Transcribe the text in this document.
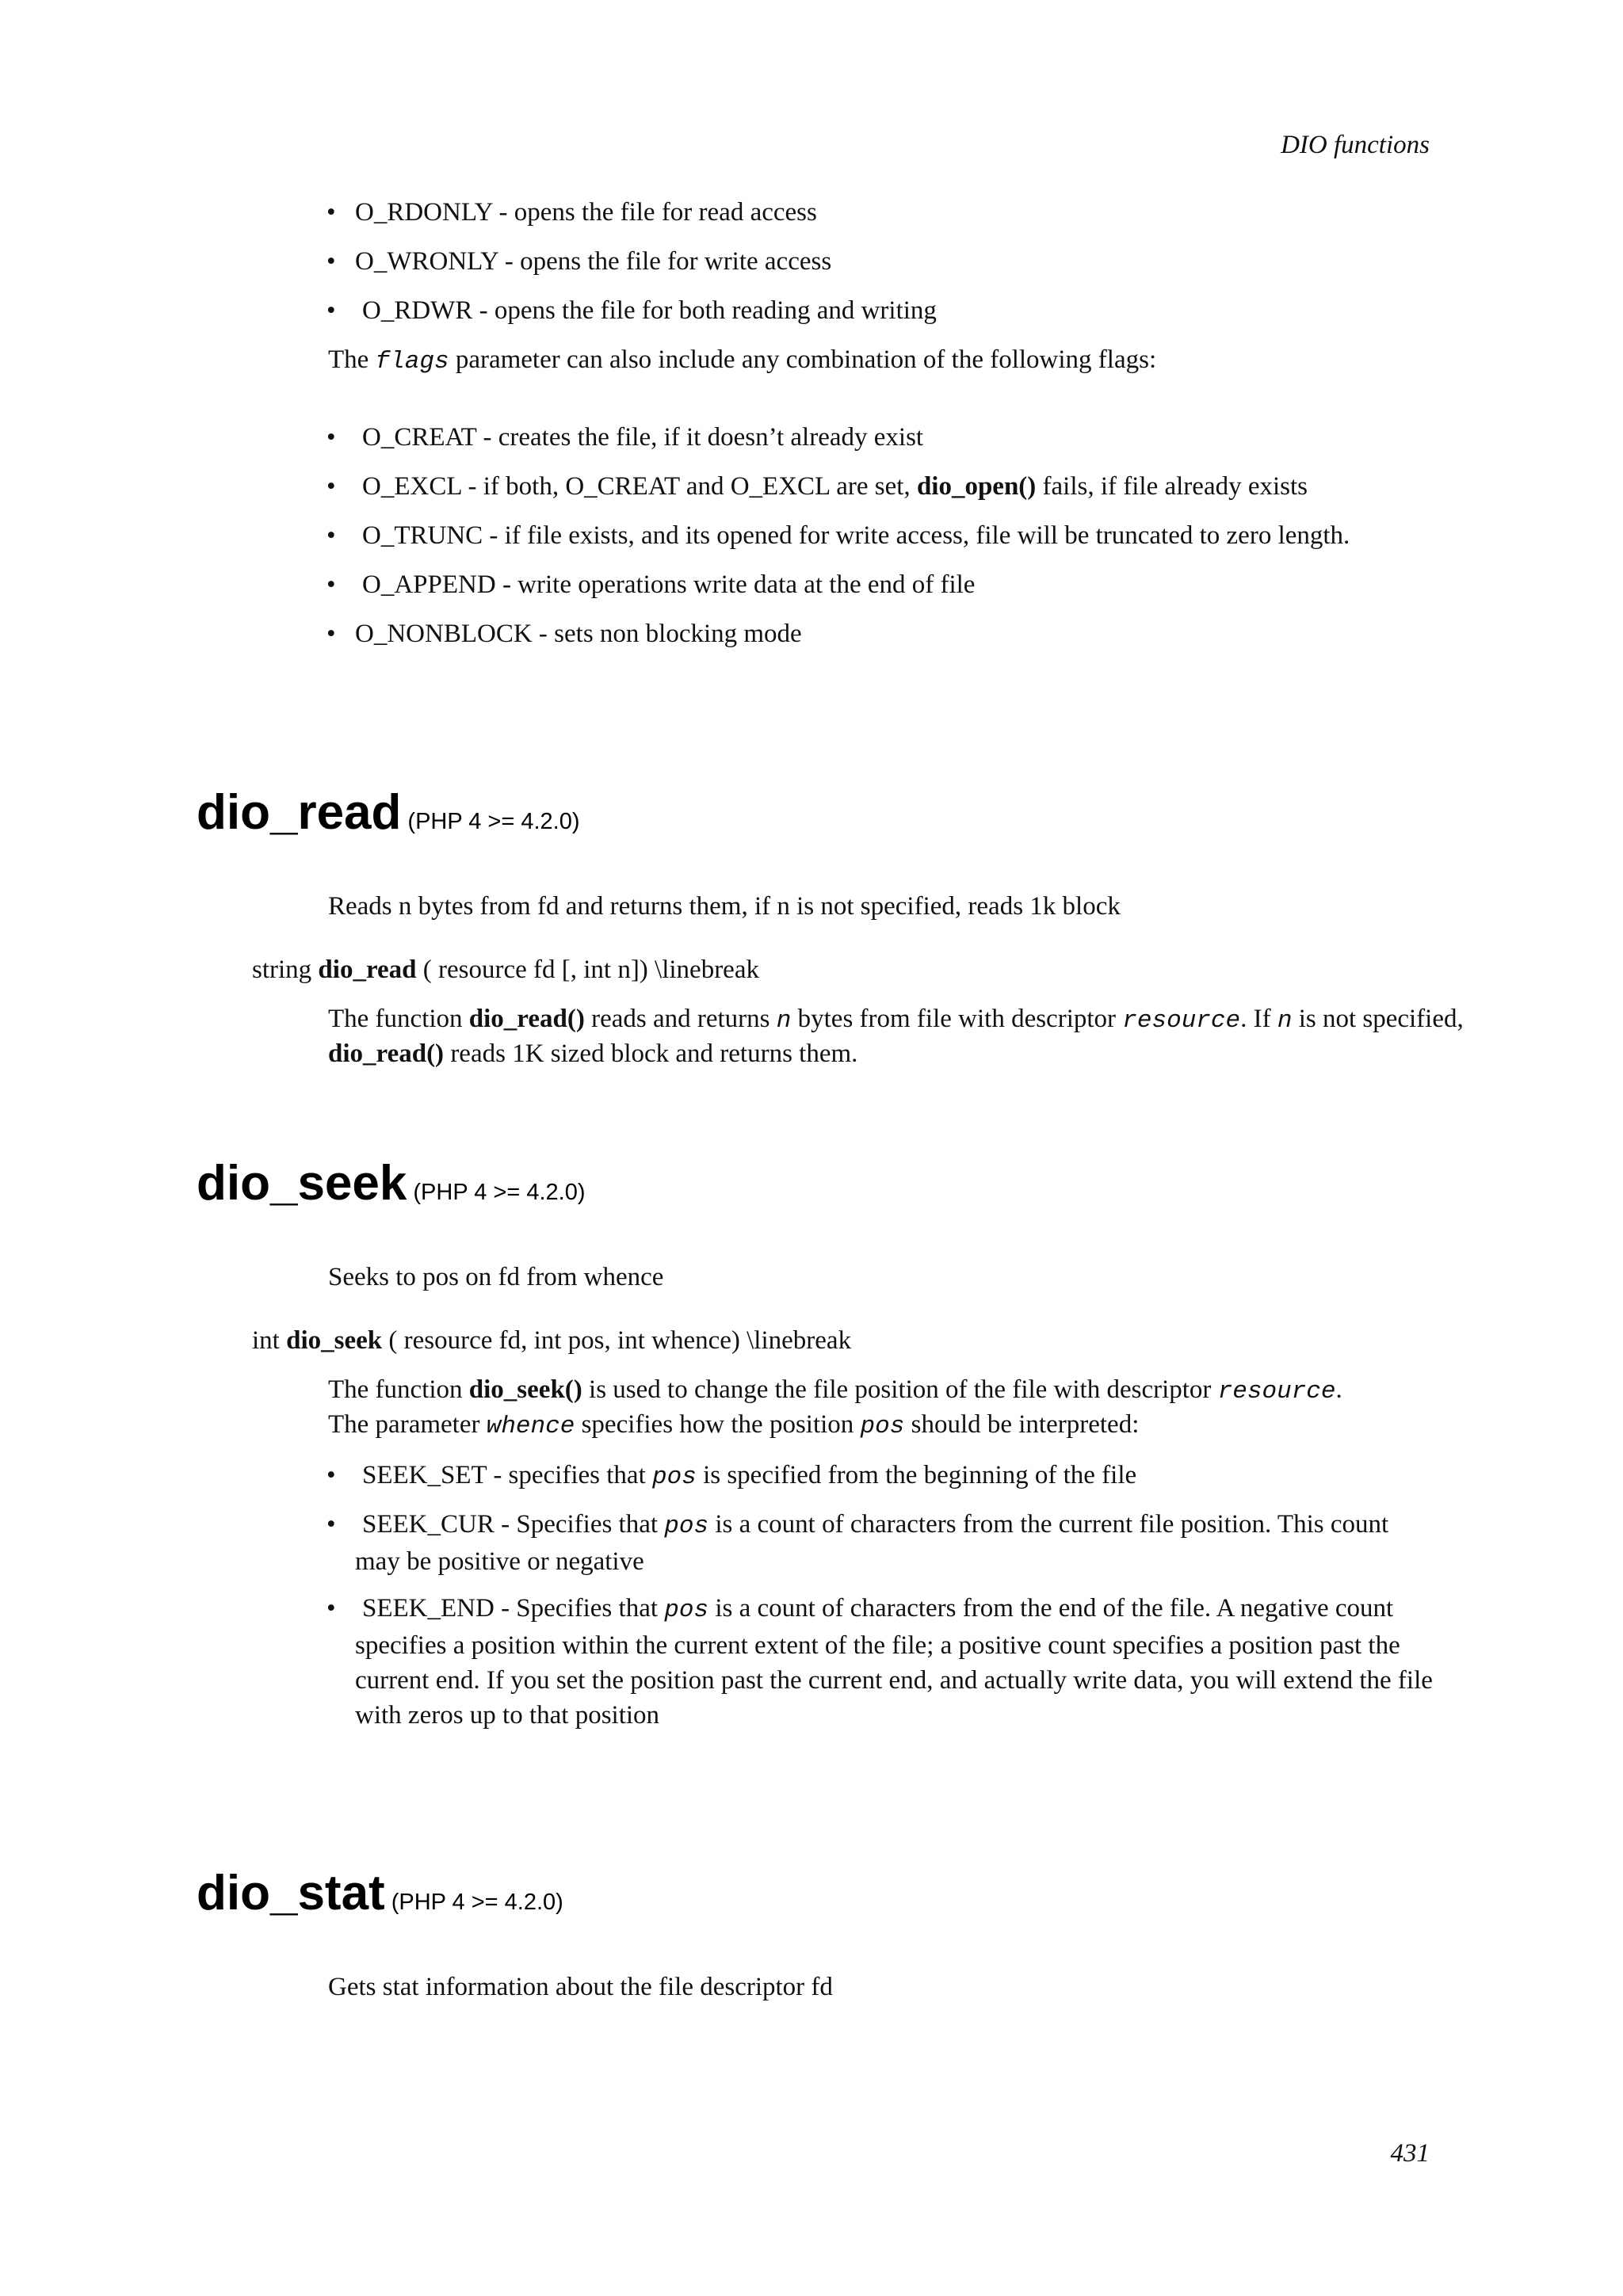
DIO functions
• O_RDONLY - opens the file for read access
• O_WRONLY - opens the file for write access
• O_RDWR - opens the file for both reading and writing
The flags parameter can also include any combination of the following flags:
• O_CREAT - creates the file, if it doesn’t already exist
• O_EXCL - if both, O_CREAT and O_EXCL are set, dio_open() fails, if file already exists
• O_TRUNC - if file exists, and its opened for write access, file will be truncated to zero length.
• O_APPEND - write operations write data at the end of file
• O_NONBLOCK - sets non blocking mode
dio_read (PHP 4 >= 4.2.0)
Reads n bytes from fd and returns them, if n is not specified, reads 1k block
string dio_read ( resource fd [, int n]) \linebreak
The function dio_read() reads and returns n bytes from file with descriptor resource. If n is not specified,
dio_read() reads 1K sized block and returns them.
dio_seek (PHP 4 >= 4.2.0)
Seeks to pos on fd from whence
int dio_seek ( resource fd, int pos, int whence) \linebreak
The function dio_seek() is used to change the file position of the file with descriptor resource.
The parameter whence specifies how the position pos should be interpreted:
• SEEK_SET - specifies that pos is specified from the beginning of the file
• SEEK_CUR - Specifies that pos is a count of characters from the current file position. This count may be positive or negative
• SEEK_END - Specifies that pos is a count of characters from the end of the file. A negative count specifies a position within the current extent of the file; a positive count specifies a position past the current end. If you set the position past the current end, and actually write data, you will extend the file with zeros up to that position
dio_stat (PHP 4 >= 4.2.0)
Gets stat information about the file descriptor fd
431
